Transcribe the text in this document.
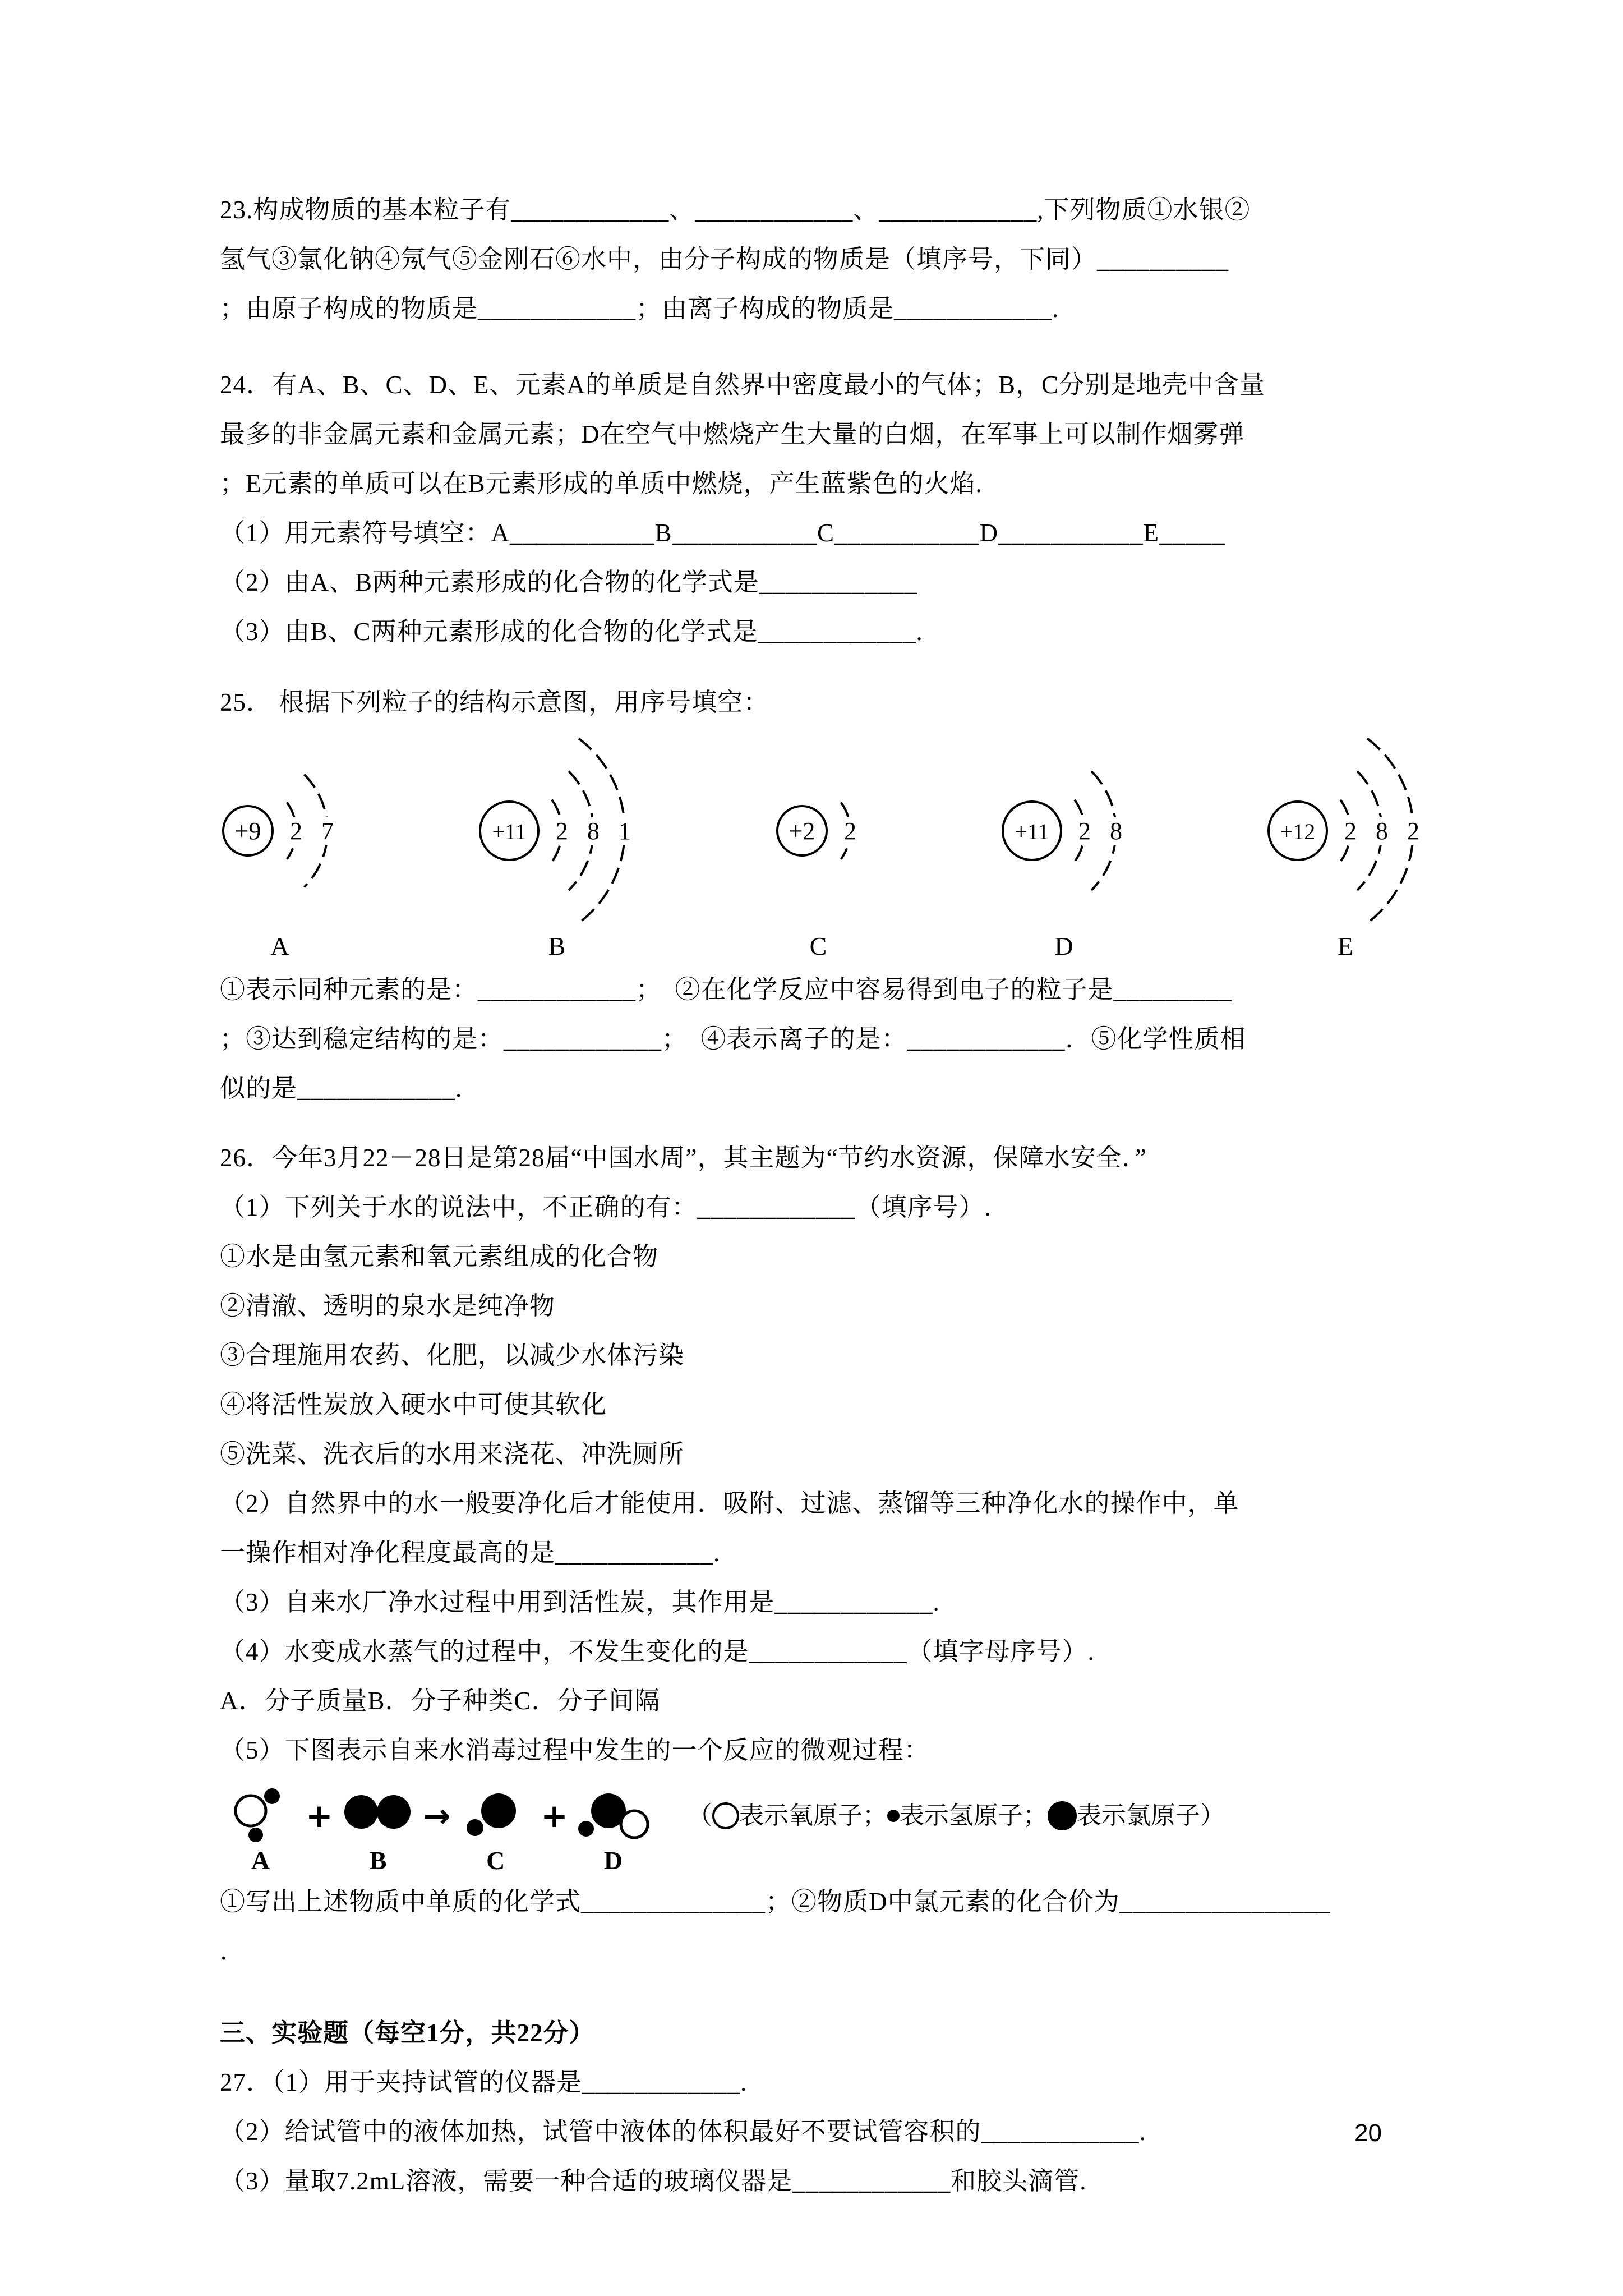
23.构成物质的基本粒子有____________、____________、____________,下列物质①水银②
氢气③氯化钠④氖气⑤金刚石⑥水中，由分子构成的物质是（填序号，下同）__________
；由原子构成的物质是____________；由离子构成的物质是____________.
24．有A、B、C、D、E、元素A的单质是自然界中密度最小的气体；B，C分别是地壳中含量
最多的非金属元素和金属元素；D在空气中燃烧产生大量的白烟，在军事上可以制作烟雾弹
；E元素的单质可以在B元素形成的单质中燃烧，产生蓝紫色的火焰.
（1）用元素符号填空：A___________B___________C___________D___________E_____
（2）由A、B两种元素形成的化合物的化学式是____________
（3）由B、C两种元素形成的化合物的化学式是____________.
25． 根据下列粒子的结构示意图，用序号填空：
+9 2 7
A
+11 2 8 1
B
+2 2
C
+11 2 8
D
+12 2 8 2
E
①表示同种元素的是：____________；　②在化学反应中容易得到电子的粒子是_________
；③达到稳定结构的是：____________；　④表示离子的是：____________．⑤化学性质相
似的是____________.
26．今年3月22－28日是第28届“中国水周”，其主题为“节约水资源，保障水安全．”
（1）下列关于水的说法中，不正确的有：____________（填序号）.
①水是由氢元素和氧元素组成的化合物
②清澈、透明的泉水是纯净物
③合理施用农药、化肥，以减少水体污染
④将活性炭放入硬水中可使其软化
⑤洗菜、洗衣后的水用来浇花、冲洗厕所
（2）自然界中的水一般要净化后才能使用．吸附、过滤、蒸馏等三种净化水的操作中，单
一操作相对净化程度最高的是____________.
（3）自来水厂净水过程中用到活性炭，其作用是____________.
（4）水变成水蒸气的过程中，不发生变化的是____________（填字母序号）.
A．分子质量B．分子种类C．分子间隔
（5）下图表示自来水消毒过程中发生的一个反应的微观过程：
A
+
B
→
C
+
D
（ 表示氧原子； 表示氢原子； 表示氯原子）
①写出上述物质中单质的化学式______________；②物质D中氯元素的化合价为________________
．
三、实验题（每空1分，共22分）
27．（1）用于夹持试管的仪器是____________.
（2）给试管中的液体加热，试管中液体的体积最好不要试管容积的____________.
（3）量取7.2mL溶液，需要一种合适的玻璃仪器是____________和胶头滴管.
20
